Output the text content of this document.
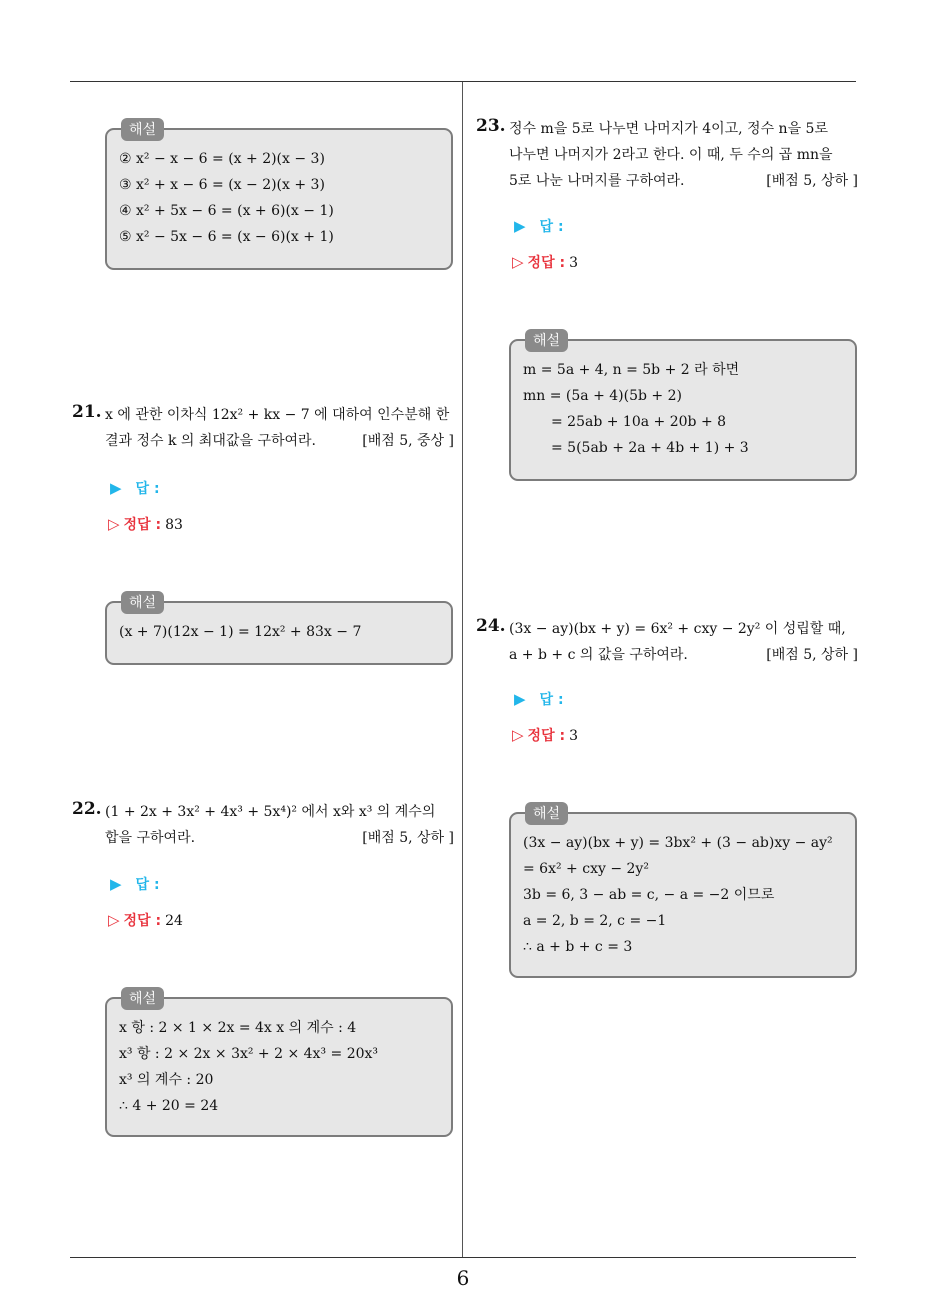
해설
② x² − x − 6 = (x + 2)(x − 3)
③ x² + x − 6 = (x − 2)(x + 3)
④ x² + 5x − 6 = (x + 6)(x − 1)
⑤ x² − 5x − 6 = (x − 6)(x + 1)
21. x 에 관한 이차식 12x² + kx − 7 에 대하여 인수분해 한
결과 정수 k 의 최대값을 구하여라.	[배점 5, 중상 ]
▶ 답 :
▷ 정답 : 83
해설
(x + 7)(12x − 1) = 12x² + 83x − 7
22. (1 + 2x + 3x² + 4x³ + 5x⁴)² 에서 x와 x³ 의 계수의
합을 구하여라.	[배점 5, 상하 ]
▶ 답 :
▷ 정답 : 24
해설
x 항 : 2 × 1 × 2x = 4x x 의 계수 : 4
x³ 항 : 2 × 2x × 3x² + 2 × 4x³ = 20x³
x³ 의 계수 : 20
∴ 4 + 20 = 24
23. 정수 m을 5로 나누면 나머지가 4이고, 정수 n을 5로
나누면 나머지가 2라고 한다. 이 때, 두 수의 곱 mn을
5로 나눈 나머지를 구하여라.	[배점 5, 상하 ]
▶ 답 :
▷ 정답 : 3
해설
m = 5a + 4, n = 5b + 2 라 하면
mn = (5a + 4)(5b + 2)
= 25ab + 10a + 20b + 8
= 5(5ab + 2a + 4b + 1) + 3
24. (3x − ay)(bx + y) = 6x² + cxy − 2y² 이 성립할 때,
a + b + c 의 값을 구하여라.	[배점 5, 상하 ]
▶ 답 :
▷ 정답 : 3
해설
(3x − ay)(bx + y) = 3bx² + (3 − ab)xy − ay²
= 6x² + cxy − 2y²
3b = 6, 3 − ab = c, − a = −2 이므로
a = 2, b = 2, c = −1
∴ a + b + c = 3
6
